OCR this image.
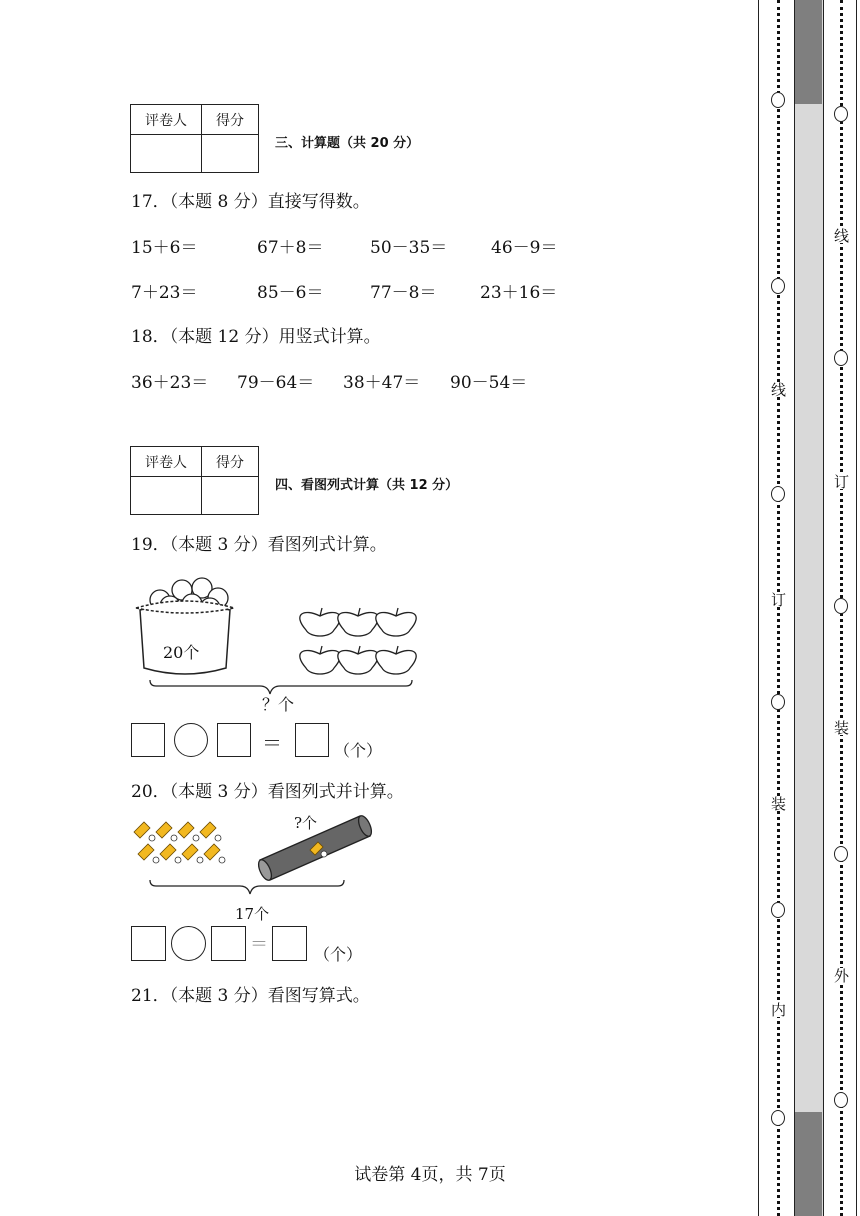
评卷人	得分

三、计算题（共 20 分）
17．（本题 8 分）直接写得数。
15＋6＝	67＋8＝	50－35＝	46－9＝
7＋23＝	85－6＝	77－8＝	23＋16＝
18．（本题 12 分）用竖式计算。
36＋23＝ 79－64＝ 38＋47＝ 90－54＝
评卷人	得分

四、看图列式计算（共 12 分）
19．（本题 3 分）看图列式计算。
20个
？个
＝	（个）
20．（本题 3 分）看图列式并计算。
?个
17个
＝	（个）
21．（本题 3 分）看图写算式。
试卷第 4页，共 7页
线
订
装
内
线
订
装
外
